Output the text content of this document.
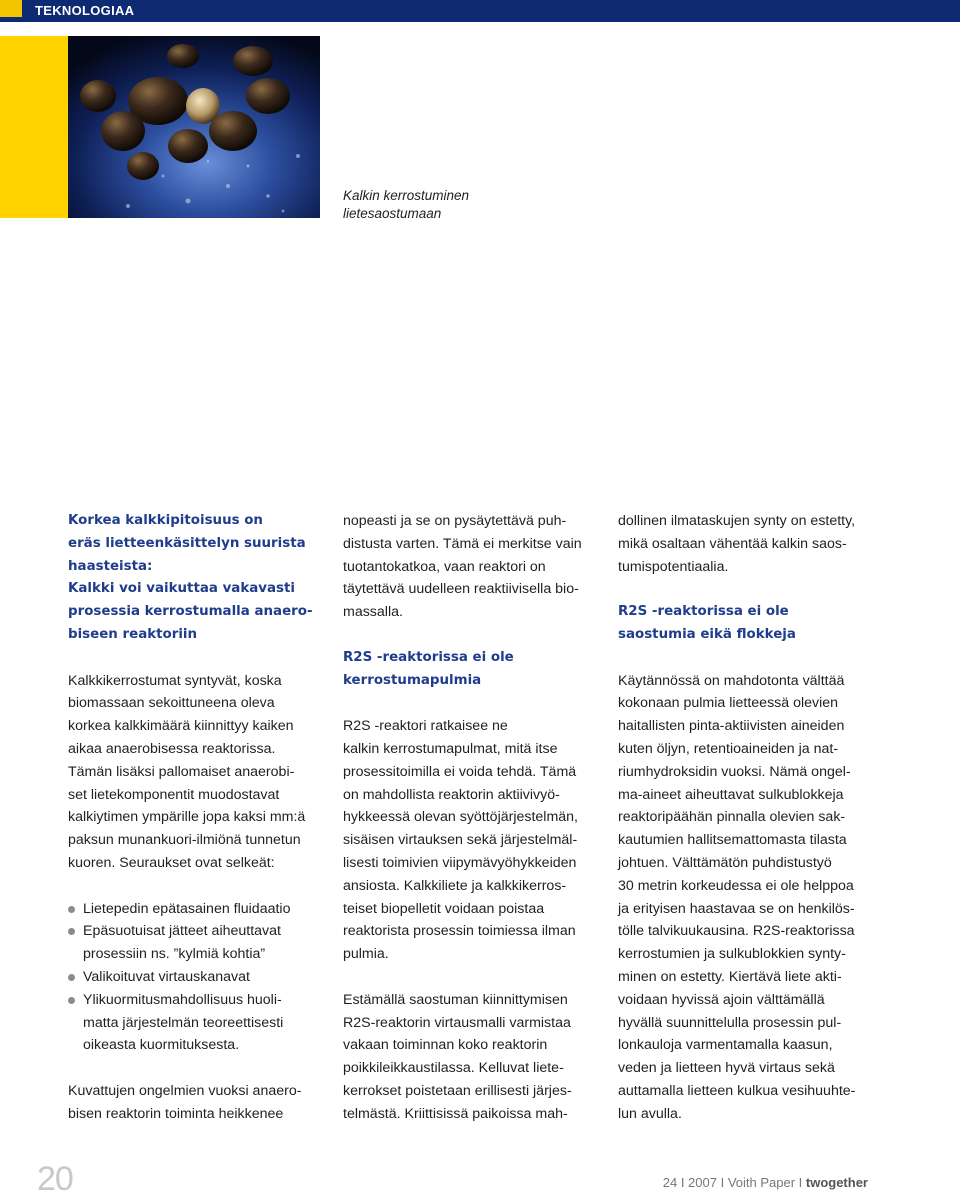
TEKNOLOGIAA
Kalkin kerrostuminen
lietesaostumaan
Korkea kalkkipitoisuus on
eräs lietteenkäsittelyn suurista
haasteista:
Kalkki voi vaikuttaa vakavasti
prosessia kerrostumalla anaero-
biseen reaktoriin
Kalkkikerrostumat syntyvät, koska
biomassaan sekoittuneena oleva
korkea kalkkimäärä kiinnittyy kaiken
aikaa anaerobisessa reaktorissa.
Tämän lisäksi pallomaiset anaerobi-
set lietekomponentit muodostavat
kalkiytimen ympärille jopa kaksi mm:ä
paksun munankuori-ilmiönä tunnetun
kuoren. Seuraukset ovat selkeät:
Lietepedin epätasainen fluidaatio
Epäsuotuisat jätteet aiheuttavat
prosessiin ns. ”kylmiä kohtia”
Valikoituvat virtauskanavat
Ylikuormitusmahdollisuus huoli-
matta järjestelmän teoreettisesti
oikeasta kuormituksesta.
Kuvattujen ongelmien vuoksi anaero-
bisen reaktorin toiminta heikkenee
nopeasti ja se on pysäytettävä puh-
distusta varten. Tämä ei merkitse vain
tuotantokatkoa, vaan reaktori on
täytettävä uudelleen reaktiivisella bio-
massalla.
R2S -reaktorissa ei ole
kerrostumapulmia
R2S -reaktori ratkaisee ne
kalkin kerrostumapulmat, mitä itse
prosessitoimilla ei voida tehdä. Tämä
on mahdollista reaktorin aktiivivyö-
hykkeessä olevan syöttöjärjestelmän,
sisäisen virtauksen sekä järjestelmäl-
lisesti toimivien viipymävyöhykkeiden
ansiosta. Kalkkiliete ja kalkkikerros-
teiset biopelletit voidaan poistaa
reaktorista prosessin toimiessa ilman
pulmia.
Estämällä saostuman kiinnittymisen
R2S-reaktorin virtausmalli varmistaa
vakaan toiminnan koko reaktorin
poikkileikkaustilassa. Kelluvat liete-
kerrokset poistetaan erillisesti järjes-
telmästä. Kriittisissä paikoissa mah-
dollinen ilmataskujen synty on estetty,
mikä osaltaan vähentää kalkin saos-
tumispotentiaalia.
R2S -reaktorissa ei ole
saostumia eikä flokkeja
Käytännössä on mahdotonta välttää
kokonaan pulmia lietteessä olevien
haitallisten pinta-aktiivisten aineiden
kuten öljyn, retentioaineiden ja nat-
riumhydroksidin vuoksi. Nämä ongel-
ma-aineet aiheuttavat sulkublokkeja
reaktoripäähän pinnalla olevien sak-
kautumien hallitsemattomasta tilasta
johtuen. Välttämätön puhdistustyö
30 metrin korkeudessa ei ole helppoa
ja erityisen haastavaa se on henkilös-
tölle talvikuukausina. R2S-reaktorissa
kerrostumien ja sulkublokkien synty-
minen on estetty. Kiertävä liete akti-
voidaan hyvissä ajoin välttämällä
hyvällä suunnittelulla prosessin pul-
lonkauloja varmentamalla kaasun,
veden ja lietteen hyvä virtaus sekä
auttamalla lietteen kulkua vesihuuhte-
lun avulla.
20	24 I 2007 I Voith Paper I twogether
